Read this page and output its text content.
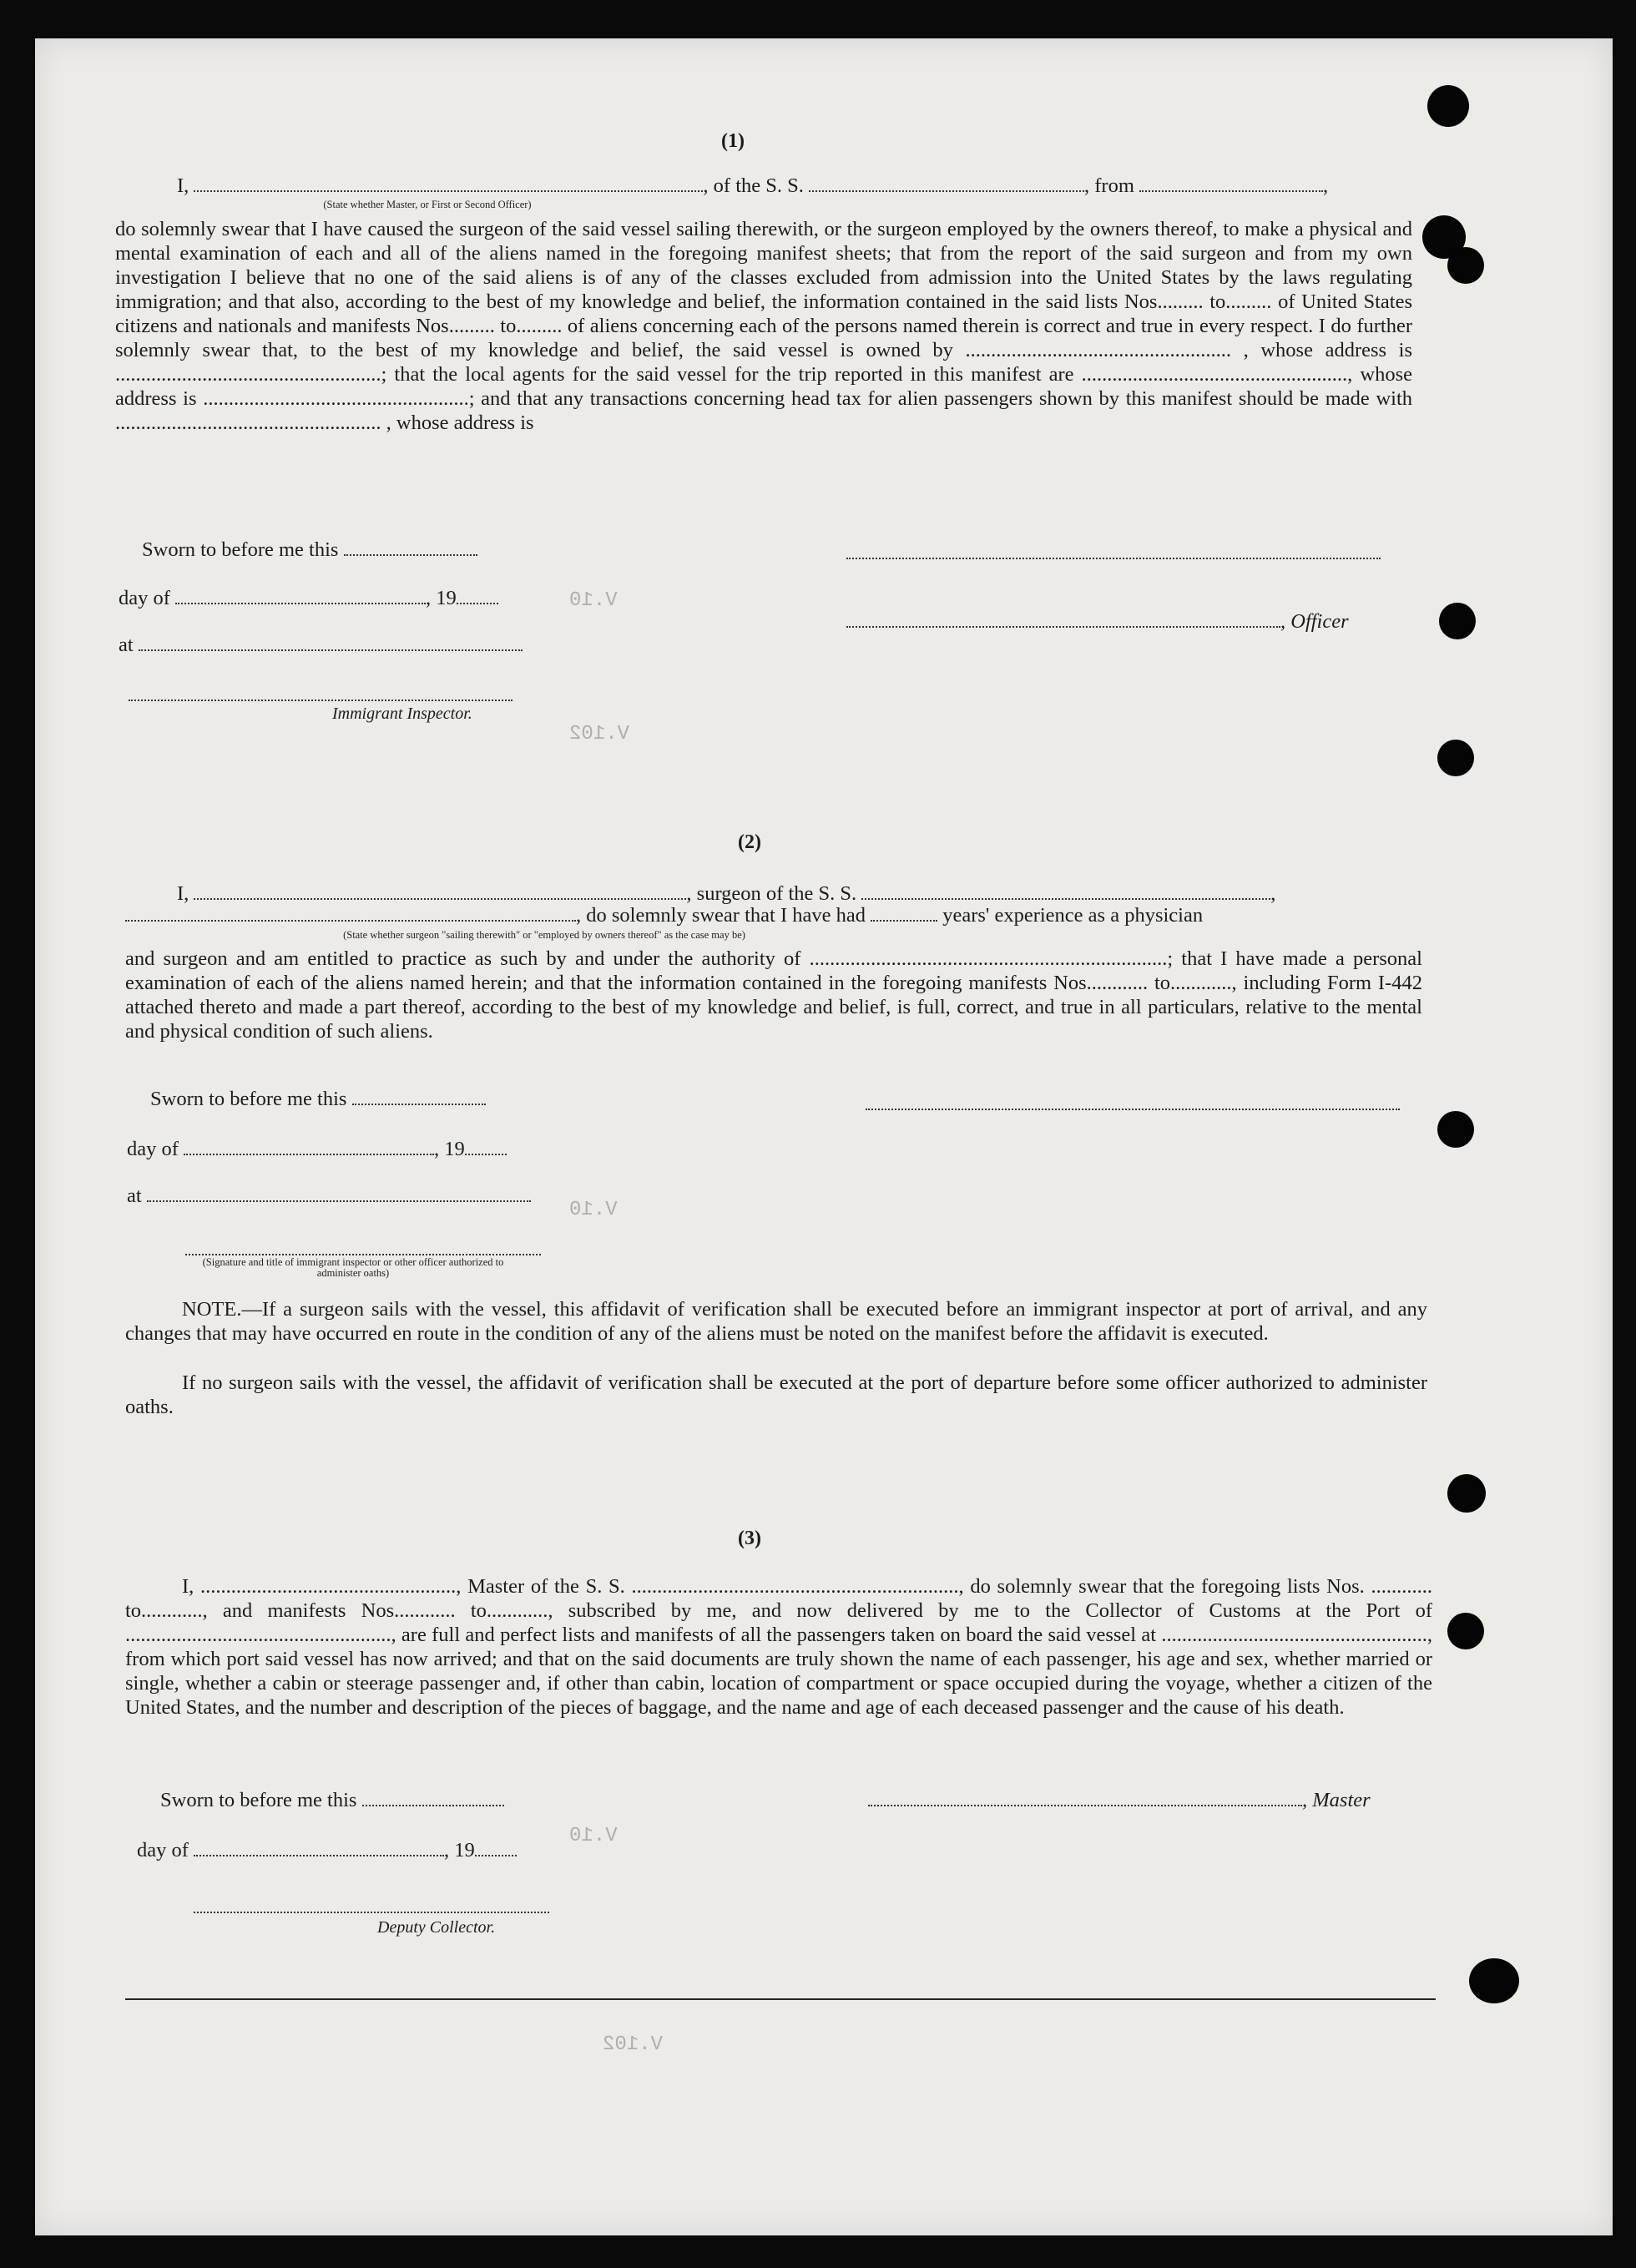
V.10
V.102
V.10
V.10
V.102
(1)
I,	, of the S. S.	, from	,
(State whether Master, or First or Second Officer)
do solemnly swear that I have caused the surgeon of the said vessel sailing therewith, or the surgeon employed by the owners thereof, to make a physical and mental examination of each and all of the aliens named in the foregoing manifest sheets; that from the report of the said surgeon and from my own investigation I believe that no one of the said aliens is of any of the classes excluded from admission into the United States by the laws regulating immigration; and that also, according to the best of my knowledge and belief, the information contained in the said lists Nos......... to......... of United States citizens and nationals and manifests Nos......... to......... of aliens concerning each of the persons named therein is correct and true in every respect. I do further solemnly swear that, to the best of my knowledge and belief, the said vessel is owned by .................................................... , whose address is ....................................................; that the local agents for the said vessel for the trip reported in this manifest are ...................................................., whose address is ....................................................; and that any transactions concerning head tax for alien passengers shown by this manifest should be made with .................................................... , whose address is
Sworn to before me this
day of	, 19
at
, Officer
Immigrant Inspector.
(2)
I,	, surgeon of the S. S.	,
, do solemnly swear that I have had	years' experience as a physician
(State whether surgeon "sailing therewith" or "employed by owners thereof" as the case may be)
and surgeon and am entitled to practice as such by and under the authority of ......................................................................; that I have made a personal examination of each of the aliens named herein; and that the information contained in the foregoing manifests Nos............ to............, including Form I-442 attached thereto and made a part thereof, according to the best of my knowledge and belief, is full, correct, and true in all particulars, relative to the mental and physical condition of such aliens.
Sworn to before me this
day of	, 19
at
(Signature and title of immigrant inspector or other officer authorized to administer oaths)
NOTE.—If a surgeon sails with the vessel, this affidavit of verification shall be executed before an immigrant inspector at port of arrival, and any changes that may have occurred en route in the condition of any of the aliens must be noted on the manifest before the affidavit is executed.
If no surgeon sails with the vessel, the affidavit of verification shall be executed at the port of departure before some officer authorized to administer oaths.
(3)
I, .................................................., Master of the S. S. ................................................................, do solemnly swear that the foregoing lists Nos. ............ to............, and manifests Nos............ to............, subscribed by me, and now delivered by me to the Collector of Customs at the Port of ...................................................., are full and perfect lists and manifests of all the passengers taken on board the said vessel at ...................................................., from which port said vessel has now arrived; and that on the said documents are truly shown the name of each passenger, his age and sex, whether married or single, whether a cabin or steerage passenger and, if other than cabin, location of compartment or space occupied during the voyage, whether a citizen of the United States, and the number and description of the pieces of baggage, and the name and age of each deceased passenger and the cause of his death.
Sworn to before me this	, Master
day of	, 19
Deputy Collector.
